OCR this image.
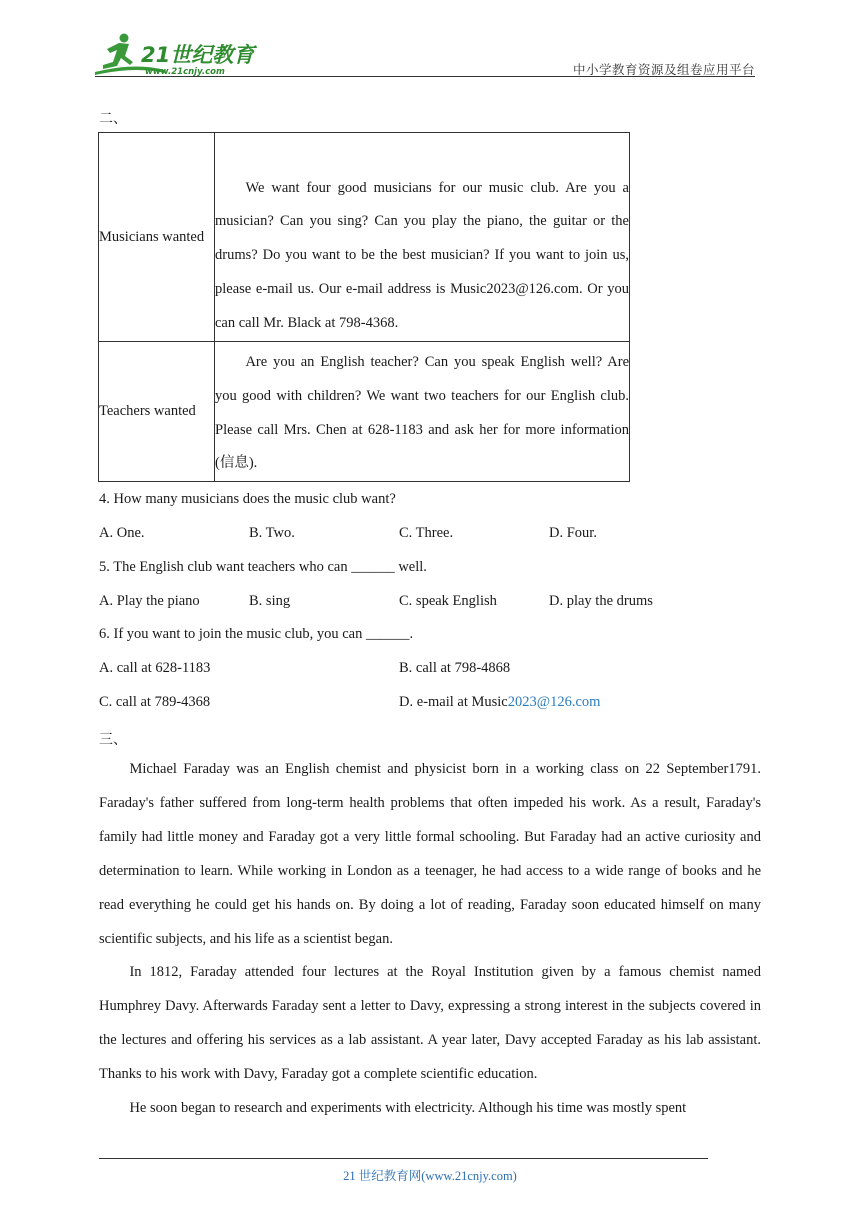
21世纪教育
www.21cnjy.com	中小学教育资源及组卷应用平台
二、
Musicians wanted	We want four good musicians for our music club. Are you a musician? Can you sing? Can you play the piano, the guitar or the drums? Do you want to be the best musician? If you want to join us, please e-mail us. Our e-mail address is Music2023@126.com. Or you can call Mr. Black at 798-4368.

Teachers wanted	Are you an English teacher? Can you speak English well? Are you good with children? We want two teachers for our English club. Please call Mrs. Chen at 628-1183 and ask her for more information (信息).

4. How many musicians does the music club want?
A. One.	B. Two.	C. Three.	D. Four.
5. The English club want teachers who can ______ well.
A. Play the piano	B. sing	C. speak English	D. play the drums
6. If you want to join the music club, you can ______.
A. call at 628-1183	B. call at 798-4868
C. call at 789-4368	D. e-mail at Music2023@126.com
三、

Michael Faraday was an English chemist and physicist born in a working class on 22 September1791. Faraday's father suffered from long-term health problems that often impeded his work. As a result, Faraday's family had little money and Faraday got a very little formal schooling. But Faraday had an active curiosity and determination to learn. While working in London as a teenager, he had access to a wide range of books and he read everything he could get his hands on. By doing a lot of reading, Faraday soon educated himself on many scientific subjects, and his life as a scientist began.

In 1812, Faraday attended four lectures at the Royal Institution given by a famous chemist named Humphrey Davy. Afterwards Faraday sent a letter to Davy, expressing a strong interest in the subjects covered in the lectures and offering his services as a lab assistant. A year later, Davy accepted Faraday as his lab assistant. Thanks to his work with Davy, Faraday got a complete scientific education.

He soon began to research and experiments with electricity. Although his time was mostly spent

21 世纪教育网(www.21cnjy.com)
